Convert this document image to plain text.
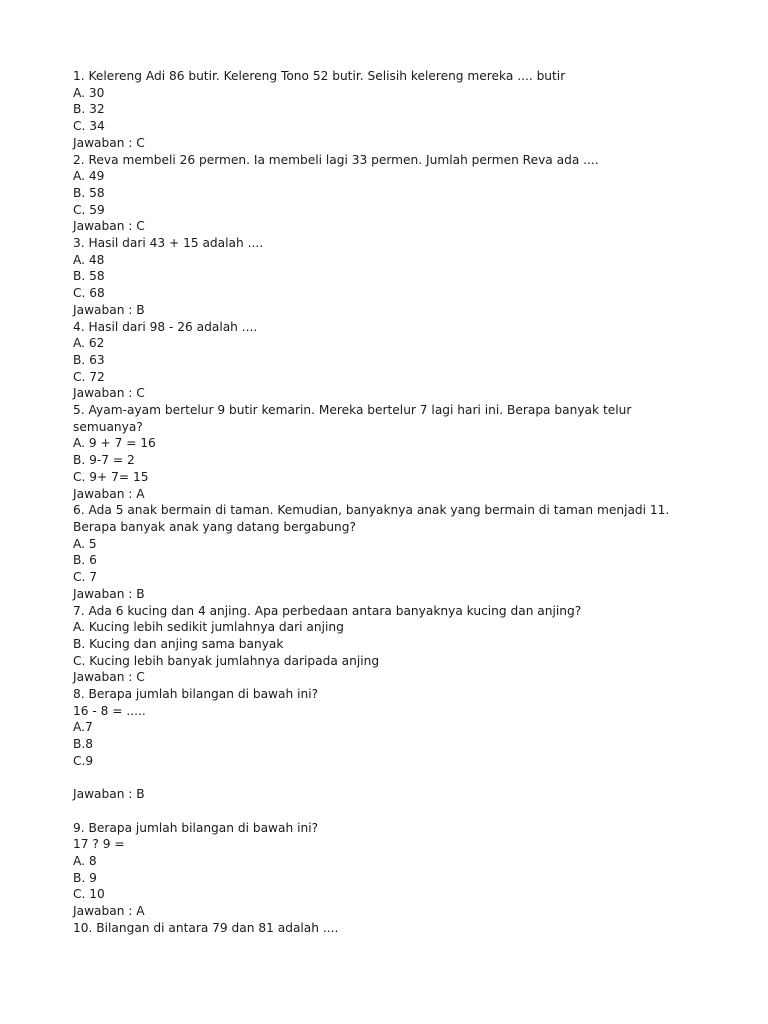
1. Kelereng Adi 86 butir. Kelereng Tono 52 butir. Selisih kelereng mereka .... butir
A. 30
B. 32
C. 34
Jawaban : C
2. Reva membeli 26 permen. Ia membeli lagi 33 permen. Jumlah permen Reva ada ....
A. 49
B. 58
C. 59
Jawaban : C
3. Hasil dari 43 + 15 adalah ....
A. 48
B. 58
C. 68
Jawaban : B
4. Hasil dari 98 - 26 adalah ....
A. 62
B. 63
C. 72
Jawaban : C
5. Ayam-ayam bertelur 9 butir kemarin. Mereka bertelur 7 lagi hari ini. Berapa banyak telur
semuanya?
A. 9 + 7 = 16
B. 9-7 = 2
C. 9+ 7= 15
Jawaban : A
6. Ada 5 anak bermain di taman. Kemudian, banyaknya anak yang bermain di taman menjadi 11.
Berapa banyak anak yang datang bergabung?
A. 5
B. 6
C. 7
Jawaban : B
7. Ada 6 kucing dan 4 anjing. Apa perbedaan antara banyaknya kucing dan anjing?
A. Kucing lebih sedikit jumlahnya dari anjing
B. Kucing dan anjing sama banyak
C. Kucing lebih banyak jumlahnya daripada anjing
Jawaban : C
8. Berapa jumlah bilangan di bawah ini?
16 - 8 = .....
A.7
B.8
C.9
Jawaban : B
9. Berapa jumlah bilangan di bawah ini?
17 ? 9 =
A. 8
B. 9
C. 10
Jawaban : A
10. Bilangan di antara 79 dan 81 adalah ....
